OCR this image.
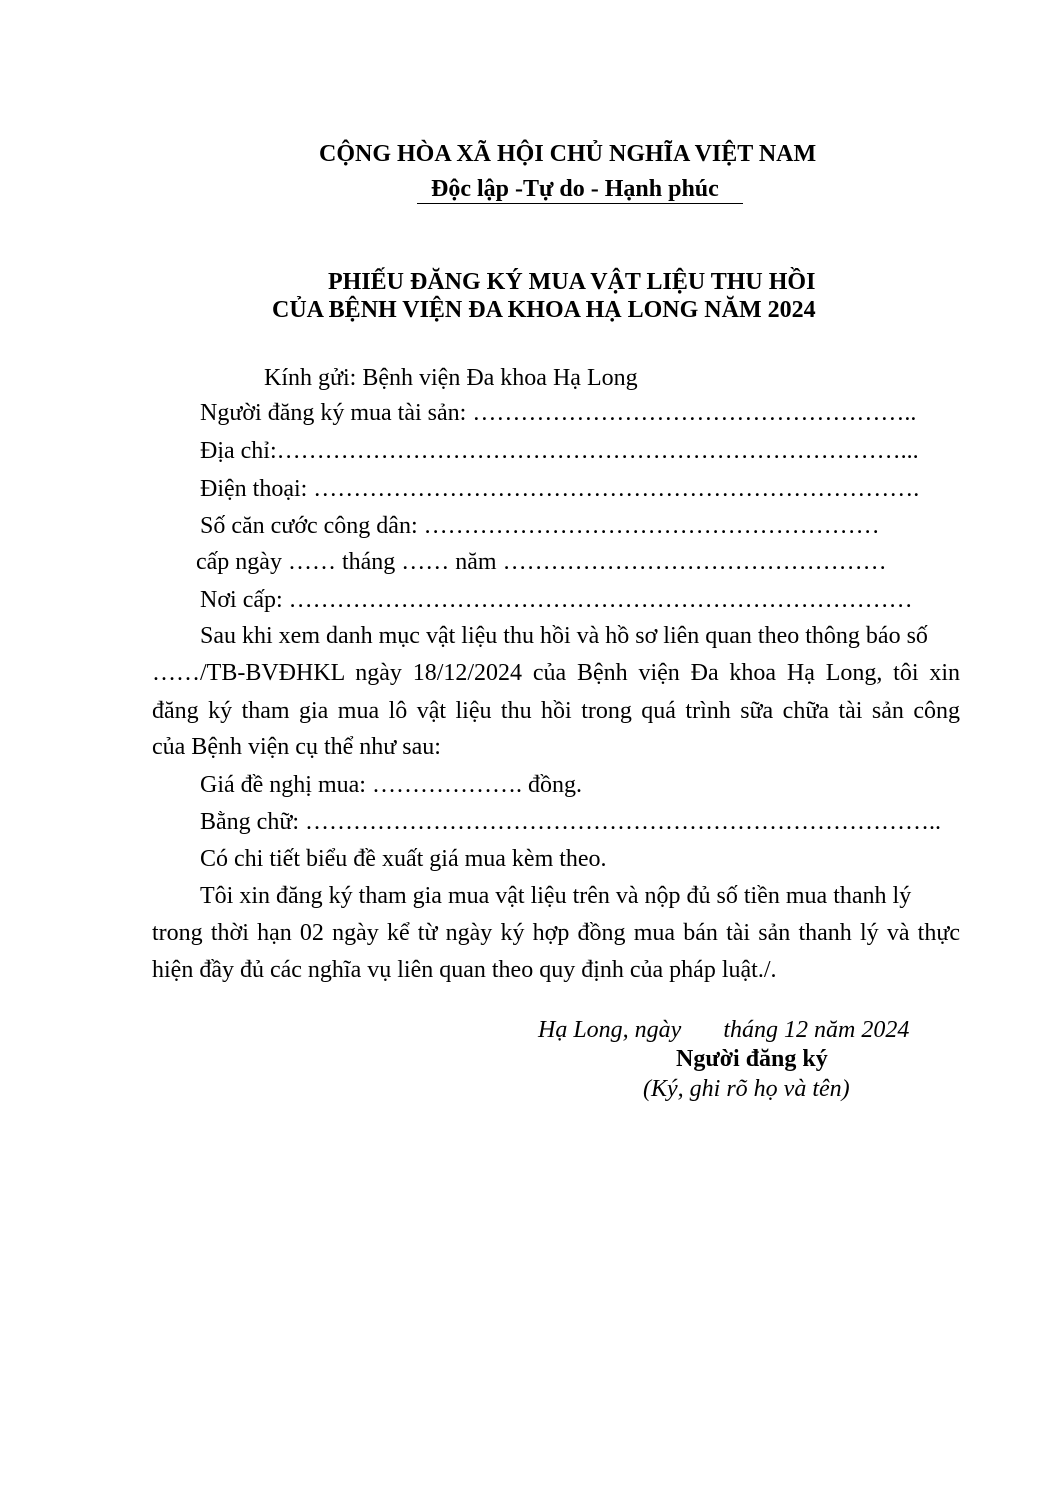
CỘNG HÒA XÃ HỘI CHỦ NGHĨA VIỆT NAM
Độc lập -Tự do - Hạnh phúc
PHIẾU ĐĂNG KÝ MUA VẬT LIỆU THU HỒI
CỦA BỆNH VIỆN ĐA KHOA HẠ LONG NĂM 2024
Kính gửi: Bệnh viện Đa khoa Hạ Long
Người đăng ký mua tài sản: ………………………………………………..
Địa chỉ:……………………………………………………………………...
Điện thoại: ………………………………………………………………….
Số căn cước công dân: …………………………………………………
cấp ngày …… tháng …… năm …………………………………………
Nơi cấp: ……………………………………………………………………
Sau khi xem danh mục vật liệu thu hồi và hồ sơ liên quan theo thông báo số
……/TB-BVĐHKL ngày 18/12/2024 của Bệnh viện Đa khoa Hạ Long, tôi xin
đăng ký tham gia mua lô vật liệu thu hồi trong quá trình sữa chữa tài sản công
của Bệnh viện cụ thể như sau:
Giá đề nghị mua: ………………. đồng.
Bằng chữ: ……………………………………………………………………..
Có chi tiết biểu đề xuất giá mua kèm theo.
Tôi xin đăng ký tham gia mua vật liệu trên và nộp đủ số tiền mua thanh lý
trong thời hạn 02 ngày kể từ ngày ký hợp đồng mua bán tài sản thanh lý và thực
hiện đầy đủ các nghĩa vụ liên quan theo quy định của pháp luật./.
Hạ Long, ngày       tháng 12 năm 2024
Người đăng ký
(Ký, ghi rõ họ và tên)
